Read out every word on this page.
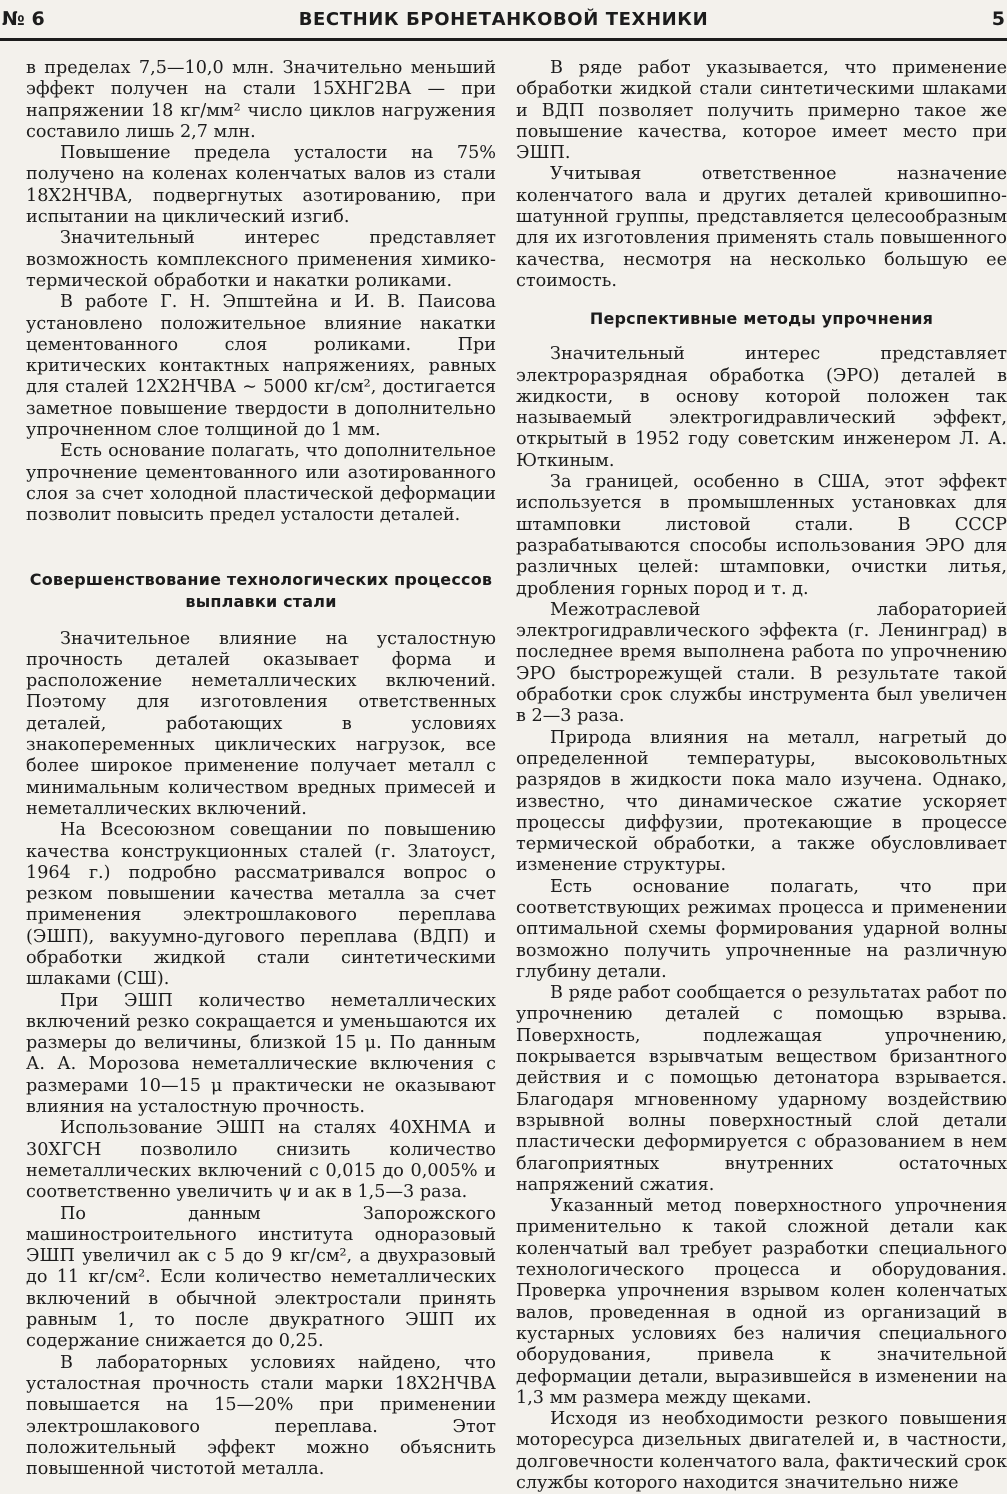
№ 6	ВЕСТНИК БРОНЕТАНКОВОЙ ТЕХНИКИ	5

в пределах 7,5—10,0 млн. Значительно меньший эффект получен на стали 15ХНГ2ВА — при напряжении 18 кг/мм² число циклов нагружения составило лишь 2,7 млн.

Повышение предела усталости на 75% получено на коленах коленчатых валов из стали 18Х2НЧВА, подвергнутых азотированию, при испытании на циклический изгиб.

Значительный интерес представляет возможность комплексного применения химико-термической обработки и накатки роликами.

В работе Г. Н. Эпштейна и И. В. Паисова установлено положительное влияние накатки цементованного слоя роликами. При критических контактных напряжениях, равных для сталей 12Х2НЧВА ∼ 5000 кг/см², достигается заметное повышение твердости в дополнительно упрочненном слое толщиной до 1 мм.

Есть основание полагать, что дополнительное упрочнение цементованного или азотированного слоя за счет холодной пластической деформации позволит повысить предел усталости деталей.

Совершенствование технологических процессов выплавки стали

Значительное влияние на усталостную прочность деталей оказывает форма и расположение неметаллических включений. Поэтому для изготовления ответственных деталей, работающих в условиях знакопеременных циклических нагрузок, все более широкое применение получает металл с минимальным количеством вредных примесей и неметаллических включений.

На Всесоюзном совещании по повышению качества конструкционных сталей (г. Златоуст, 1964 г.) подробно рассматривался вопрос о резком повышении качества металла за счет применения электрошлакового переплава (ЭШП), вакуумно-дугового переплава (ВДП) и обработки жидкой стали синтетическими шлаками (СШ).

При ЭШП количество неметаллических включений резко сокращается и уменьшаются их размеры до величины, близкой 15 μ. По данным А. А. Морозова неметаллические включения с размерами 10—15 μ практически не оказывают влияния на усталостную прочность.

Использование ЭШП на сталях 40ХНМА и 30ХГСН позволило снизить количество неметаллических включений с 0,015 до 0,005% и соответственно увеличить ψ и aк в 1,5—3 раза.

По данным Запорожского машиностроительного института одноразовый ЭШП увеличил aк с 5 до 9 кг/см², а двухразовый до 11 кг/см². Если количество неметаллических включений в обычной электростали принять равным 1, то после двукратного ЭШП их содержание снижается до 0,25.

В лабораторных условиях найдено, что усталостная прочность стали марки 18Х2НЧВА повышается на 15—20% при применении электрошлакового переплава. Этот положительный эффект можно объяснить повышенной чистотой металла.

В ряде работ указывается, что применение обработки жидкой стали синтетическими шлаками и ВДП позволяет получить примерно такое же повышение качества, которое имеет место при ЭШП.

Учитывая ответственное назначение коленчатого вала и других деталей кривошипно-шатунной группы, представляется целесообразным для их изготовления применять сталь повышенного качества, несмотря на несколько большую ее стоимость.

Перспективные методы упрочнения

Значительный интерес представляет электроразрядная обработка (ЭРО) деталей в жидкости, в основу которой положен так называемый электрогидравлический эффект, открытый в 1952 году советским инженером Л. А. Юткиным.

За границей, особенно в США, этот эффект используется в промышленных установках для штамповки листовой стали. В СССР разрабатываются способы использования ЭРО для различных целей: штамповки, очистки литья, дробления горных пород и т. д.

Межотраслевой лабораторией электрогидравлического эффекта (г. Ленинград) в последнее время выполнена работа по упрочнению ЭРО быстрорежущей стали. В результате такой обработки срок службы инструмента был увеличен в 2—3 раза.

Природа влияния на металл, нагретый до определенной температуры, высоковольтных разрядов в жидкости пока мало изучена. Однако, известно, что динамическое сжатие ускоряет процессы диффузии, протекающие в процессе термической обработки, а также обусловливает изменение структуры.

Есть основание полагать, что при соответствующих режимах процесса и применении оптимальной схемы формирования ударной волны возможно получить упрочненные на различную глубину детали.

В ряде работ сообщается о результатах работ по упрочнению деталей с помощью взрыва. Поверхность, подлежащая упрочнению, покрывается взрывчатым веществом бризантного действия и с помощью детонатора взрывается. Благодаря мгновенному ударному воздействию взрывной волны поверхностный слой детали пластически деформируется с образованием в нем благоприятных внутренних остаточных напряжений сжатия.

Указанный метод поверхностного упрочнения применительно к такой сложной детали как коленчатый вал требует разработки специального технологического процесса и оборудования. Проверка упрочнения взрывом колен коленчатых валов, проведенная в одной из организаций в кустарных условиях без наличия специального оборудования, привела к значительной деформации детали, выразившейся в изменении на 1,3 мм размера между щеками.

Исходя из необходимости резкого повышения моторесурса дизельных двигателей и, в частности, долговечности коленчатого вала, фактический срок службы которого находится значительно ниже
